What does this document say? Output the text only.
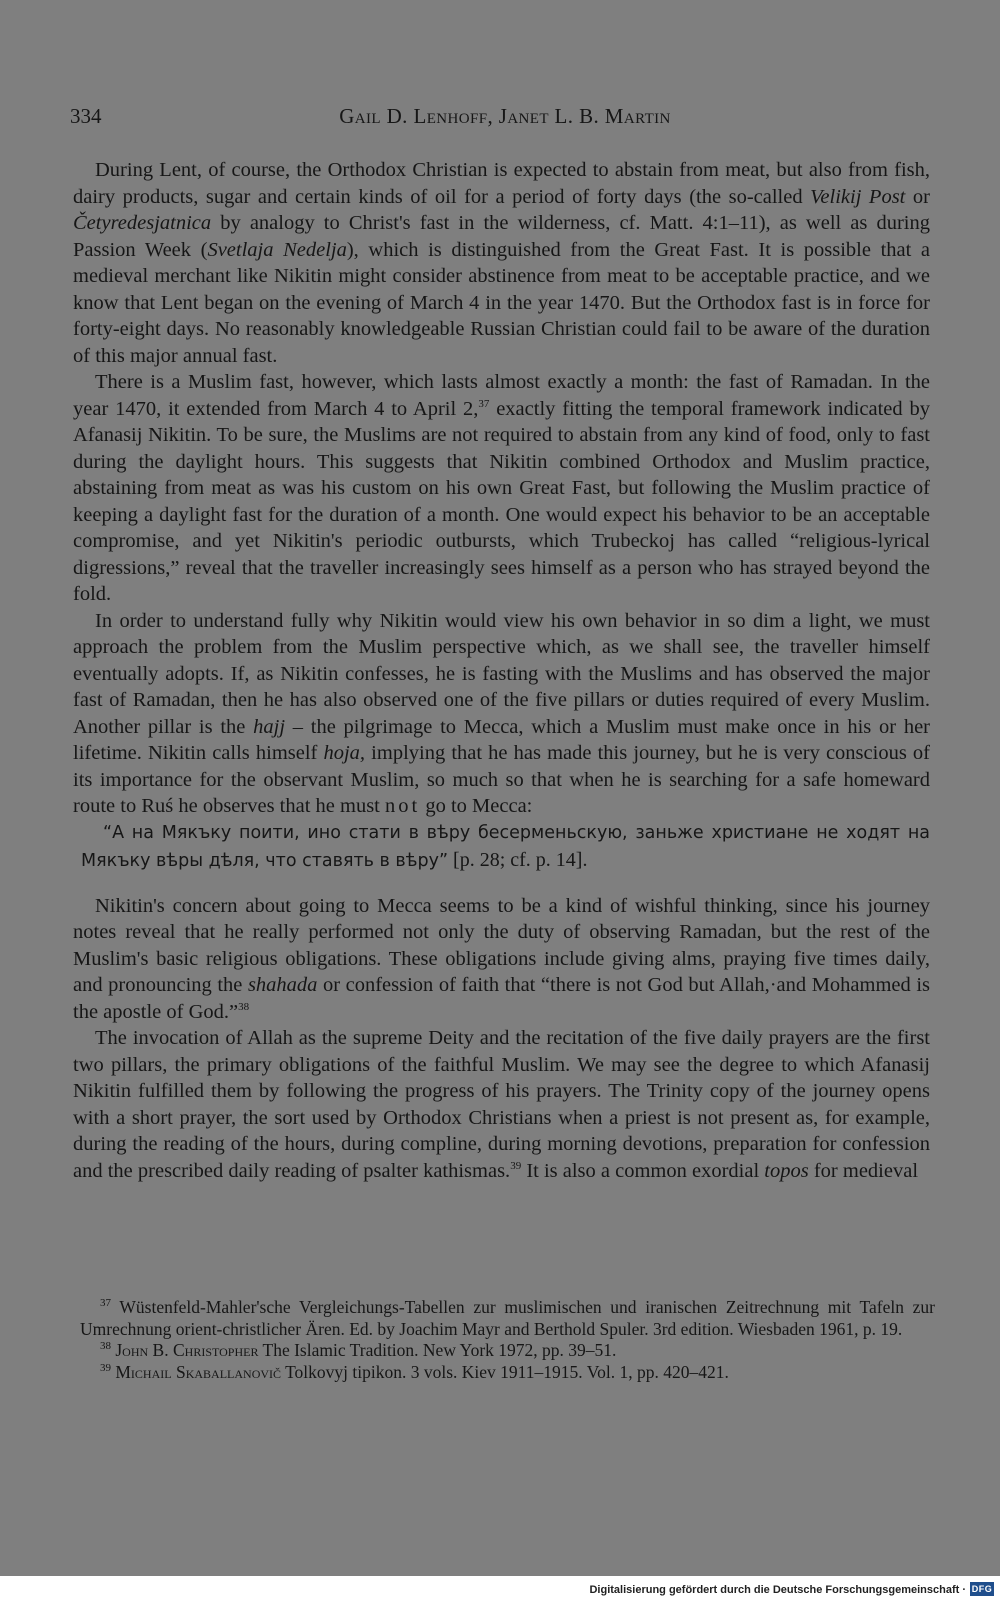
334	Gail D. Lenhoff, Janet L. B. Martin

During Lent, of course, the Orthodox Christian is expected to abstain from meat, but also from fish, dairy products, sugar and certain kinds of oil for a period of forty days (the so-called Velikij Post or Četyredesjatnica by analogy to Christ's fast in the wilderness, cf. Matt. 4:1–11), as well as during Passion Week (Svetlaja Nedelja), which is distinguished from the Great Fast. It is possible that a medieval merchant like Nikitin might consider abstinence from meat to be acceptable practice, and we know that Lent began on the evening of March 4 in the year 1470. But the Orthodox fast is in force for forty-eight days. No reasonably knowledgeable Russian Christian could fail to be aware of the duration of this major annual fast.

There is a Muslim fast, however, which lasts almost exactly a month: the fast of Ramadan. In the year 1470, it extended from March 4 to April 2,37 exactly fitting the temporal framework indicated by Afanasij Nikitin. To be sure, the Muslims are not required to abstain from any kind of food, only to fast during the daylight hours. This suggests that Nikitin combined Orthodox and Muslim practice, abstaining from meat as was his custom on his own Great Fast, but following the Muslim practice of keeping a daylight fast for the duration of a month. One would expect his behavior to be an acceptable compromise, and yet Nikitin's periodic outbursts, which Trubeckoj has called “religious-lyrical digressions,” reveal that the traveller increasingly sees himself as a person who has strayed beyond the fold.

In order to understand fully why Nikitin would view his own behavior in so dim a light, we must approach the problem from the Muslim perspective which, as we shall see, the traveller himself eventually adopts. If, as Nikitin confesses, he is fasting with the Muslims and has observed the major fast of Ramadan, then he has also observed one of the five pillars or duties required of every Muslim. Another pillar is the hajj – the pilgrimage to Mecca, which a Muslim must make once in his or her lifetime. Nikitin calls himself hoja, implying that he has made this journey, but he is very conscious of its importance for the observant Muslim, so much so that when he is searching for a safe homeward route to Ruś he observes that he must not go to Mecca:

“А на Мякъку поити, ино стати в вѣру бесерменьскую, заньже христиане не ходят на Мякъку вѣры дѣля, что ставять в вѣру” [p. 28; cf. p. 14].

Nikitin's concern about going to Mecca seems to be a kind of wishful thinking, since his journey notes reveal that he really performed not only the duty of observing Ramadan, but the rest of the Muslim's basic religious obligations. These obligations include giving alms, praying five times daily, and pronouncing the shahada or confession of faith that “there is not God but Allah,·and Mohammed is the apostle of God.”$^{38}$

The invocation of Allah as the supreme Deity and the recitation of the five daily prayers are the first two pillars, the primary obligations of the faithful Muslim. We may see the degree to which Afanasij Nikitin fulfilled them by following the progress of his prayers. The Trinity copy of the journey opens with a short prayer, the sort used by Orthodox Christians when a priest is not present as, for example, during the reading of the hours, during compline, during morning devotions, preparation for confession and the prescribed daily reading of psalter kathismas.$^{39}$ It is also a common exordial topos for medieval

$^{37}$ Wüstenfeld-Mahler'sche Vergleichungs-Tabellen zur muslimischen und iranischen Zeitrechnung mit Tafeln zur Umrechnung orient-christlicher Ären. Ed. by Joachim Mayr and Berthold Spuler. 3rd edition. Wiesbaden 1961, p. 19.

$^{38}$ John B. Christopher The Islamic Tradition. New York 1972, pp. 39–51.

$^{39}$ Michail Skaballanovič Tolkovyj tipikon. 3 vols. Kiev 1911–1915. Vol. 1, pp. 420–421.

Digitalisierung gefördert durch die Deutsche Forschungsgemeinschaft · DFG
